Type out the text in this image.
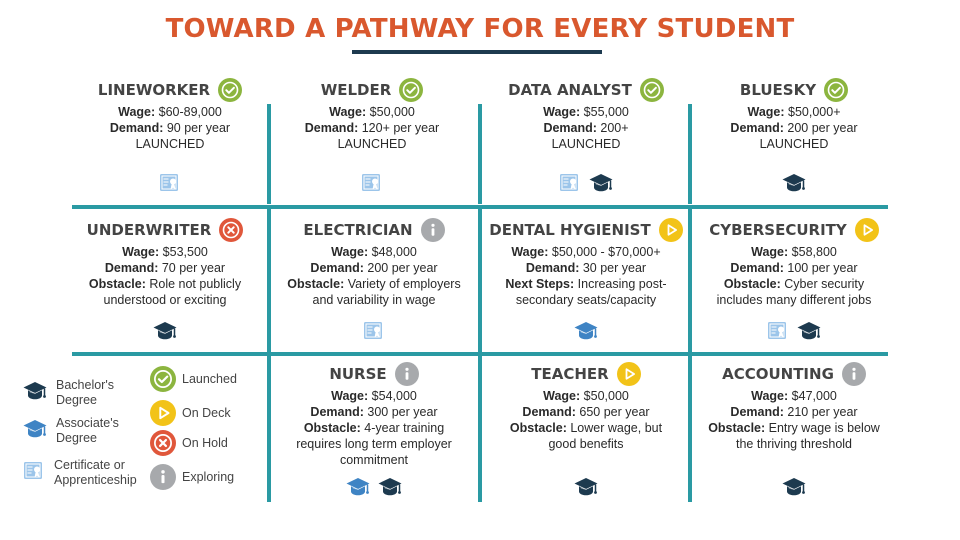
TOWARD A PATHWAY FOR EVERY STUDENT
LINEWORKER
Wage: $60-89,000
Demand: 90 per year
LAUNCHED
WELDER
Wage: $50,000
Demand: 120+ per year
LAUNCHED
DATA ANALYST
Wage: $55,000
Demand: 200+
LAUNCHED
BLUESKY
Wage: $50,000+
Demand: 200 per year
LAUNCHED
UNDERWRITER
Wage: $53,500
Demand: 70 per year
Obstacle: Role not publicly
understood or exciting
ELECTRICIAN
Wage: $48,000
Demand: 200 per year
Obstacle: Variety of employers
and variability in wage
DENTAL HYGIENIST
Wage: $50,000 - $70,000+
Demand: 30 per year
Next Steps: Increasing post-
secondary seats/capacity
CYBERSECURITY
Wage: $58,800
Demand: 100 per year
Obstacle: Cyber security
includes many different jobs
NURSE
Wage: $54,000
Demand: 300 per year
Obstacle: 4-year training
requires long term employer
commitment
TEACHER
Wage: $50,000
Demand: 650 per year
Obstacle: Lower wage, but
good benefits
ACCOUNTING
Wage: $47,000
Demand: 210 per year
Obstacle: Entry wage is below
the thriving threshold
Bachelor's
Degree
Associate's
Degree
Certificate or
Apprenticeship
Launched
On Deck
On Hold
Exploring
